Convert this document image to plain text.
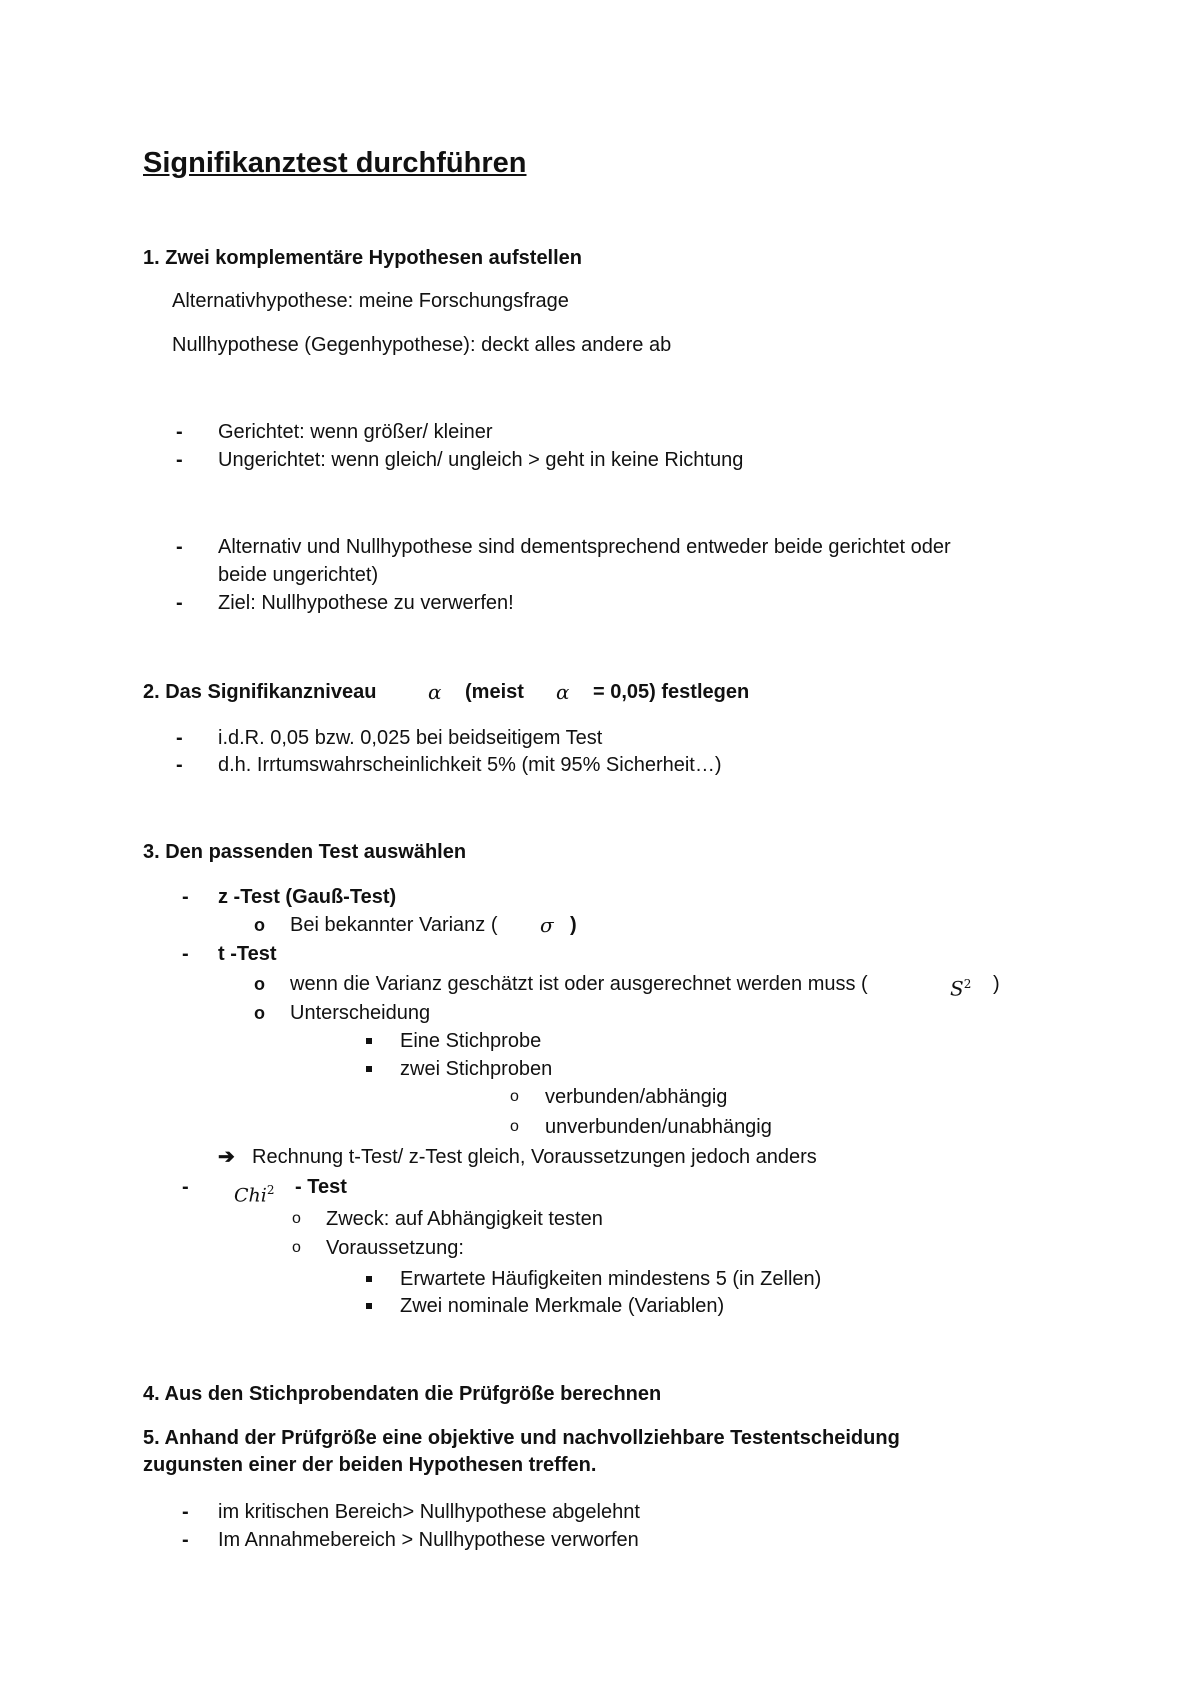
Signifikanztest durchführen
1. Zwei komplementäre Hypothesen aufstellen
Alternativhypothese: meine Forschungsfrage
Nullhypothese (Gegenhypothese): deckt alles andere ab
- Gerichtet: wenn größer/ kleiner
- Ungerichtet: wenn gleich/ ungleich > geht in keine Richtung
- Alternativ und Nullhypothese sind dementsprechend entweder beide gerichtet oder
beide ungerichtet)
- Ziel: Nullhypothese zu verwerfen!
2. Das Signifikanzniveau	α (meist α = 0,05) festlegen
- i.d.R. 0,05 bzw. 0,025 bei beidseitigem Test
- d.h. Irrtumswahrscheinlichkeit 5% (mit 95% Sicherheit…)
3. Den passenden Test auswählen
- z -Test (Gauß-Test)
o Bei bekannter Varianz ( σ )
- t -Test
o wenn die Varianz geschätzt ist oder ausgerechnet werden muss (	$S^2$ )
o Unterscheidung
Eine Stichprobe
zwei Stichproben
o verbunden/abhängig
o unverbunden/unabhängig
➔ Rechnung t-Test/ z-Test gleich, Voraussetzungen jedoch anders
- Chi$^2$ - Test
o Zweck: auf Abhängigkeit testen
o Voraussetzung:
Erwartete Häufigkeiten mindestens 5 (in Zellen)
Zwei nominale Merkmale (Variablen)
4. Aus den Stichprobendaten die Prüfgröße berechnen
5. Anhand der Prüfgröße eine objektive und nachvollziehbare Testentscheidung
zugunsten einer der beiden Hypothesen treffen.
- im kritischen Bereich> Nullhypothese abgelehnt
- Im Annahmebereich > Nullhypothese verworfen
